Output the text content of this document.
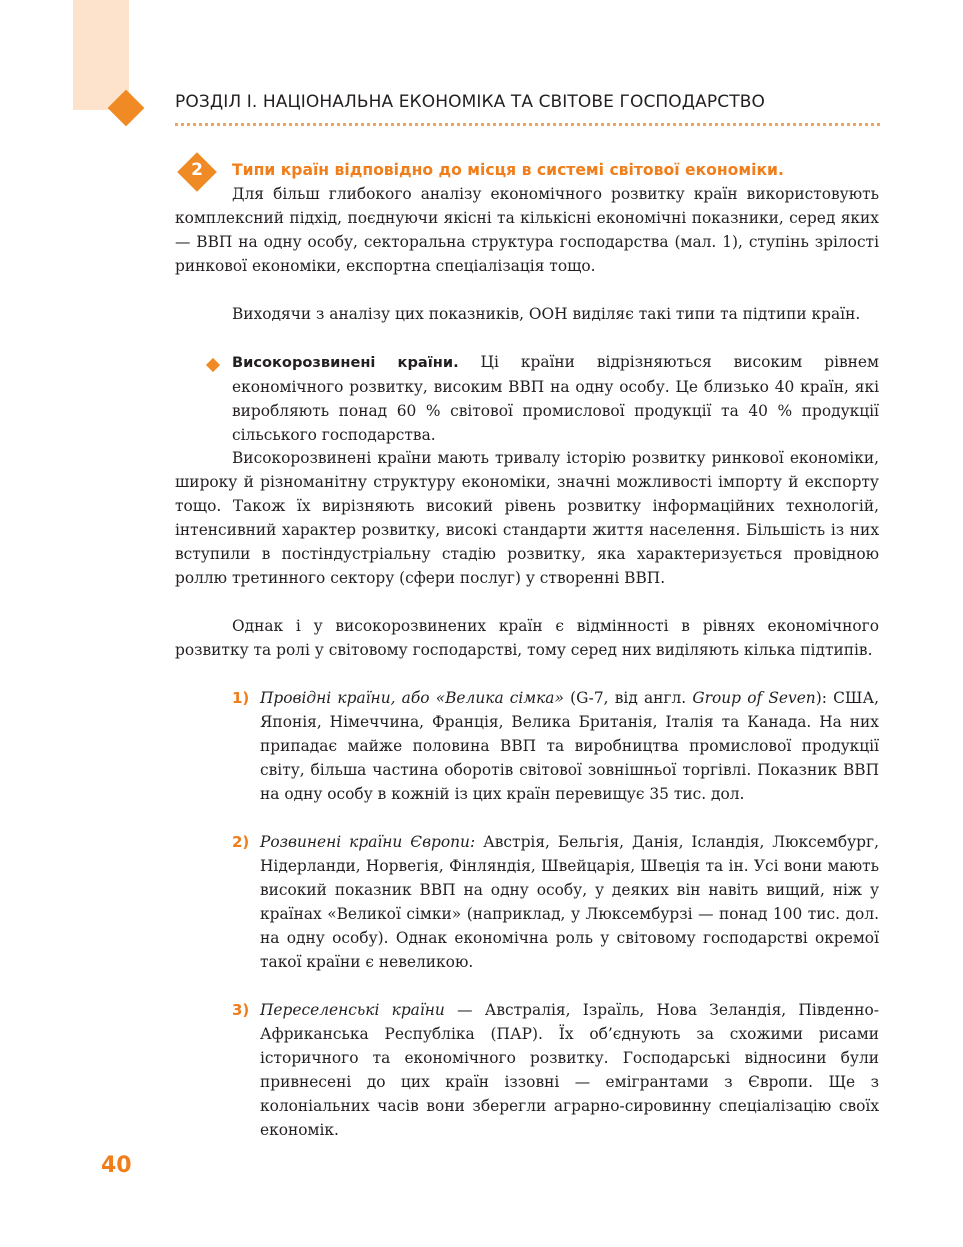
РОЗДІЛ І. НАЦІОНАЛЬНА ЕКОНОМІКА ТА СВІТОВЕ ГОСПОДАРСТВО
2	Типи країн відповідно до місця в системі світової економіки.

Для більш глибокого аналізу економічного розвитку країн використовують комплексний підхід, поєднуючи якісні та кількісні економічні показники, серед яких — ВВП на одну особу, секторальна структура господарства (мал. 1), ступінь зрілості ринкової економіки, експортна спеціалізація тощо.

Виходячи з аналізу цих показників, ООН виділяє такі типи та підтипи країн.

Високорозвинені країни. Ці країни відрізняються високим рівнем економічного розвитку, високим ВВП на одну особу. Це близько 40 країн, які виробляють понад 60 % світової промислової продукції та 40 % продукції сільського господарства.

Високорозвинені країни мають тривалу історію розвитку ринкової економіки, широку й різноманітну структуру економіки, значні можливості імпорту й експорту тощо. Також їх вирізняють високий рівень розвитку інформаційних технологій, інтенсивний характер розвитку, високі стандарти життя населення. Більшість із них вступили в постіндустріальну стадію розвитку, яка характеризується провідною роллю третинного сектору (сфери послуг) у створенні ВВП.

Однак і у високорозвинених країн є відмінності в рівнях економічного розвитку та ролі у світовому господарстві, тому серед них виділяють кілька підтипів.

1) Провідні країни, або «Велика сімка» (G-7, від англ. Group of Seven): США, Японія, Німеччина, Франція, Велика Британія, Італія та Канада. На них припадає майже половина ВВП та виробництва промислової продукції світу, більша частина оборотів світової зовнішньої торгівлі. Показник ВВП на одну особу в кожній із цих країн перевищує 35 тис. дол.

2) Розвинені країни Європи: Австрія, Бельгія, Данія, Ісландія, Люксембург, Нідерланди, Норвегія, Фінляндія, Швейцарія, Швеція та ін. Усі вони мають високий показник ВВП на одну особу, у деяких він навіть вищий, ніж у країнах «Великої сімки» (наприклад, у Люксембурзі — понад 100 тис. дол. на одну особу). Однак економічна роль у світовому господарстві окремої такої країни є невеликою.

3) Переселенські країни — Австралія, Ізраїль, Нова Зеландія, Південно-Африканська Республіка (ПАР). Їх об’єднують за схожими рисами історичного та економічного розвитку. Господарські відносини були привнесені до цих країн іззовні — емігрантами з Європи. Ще з колоніальних часів вони зберегли аграрно-сировинну спеціалізацію своїх економік.

40
